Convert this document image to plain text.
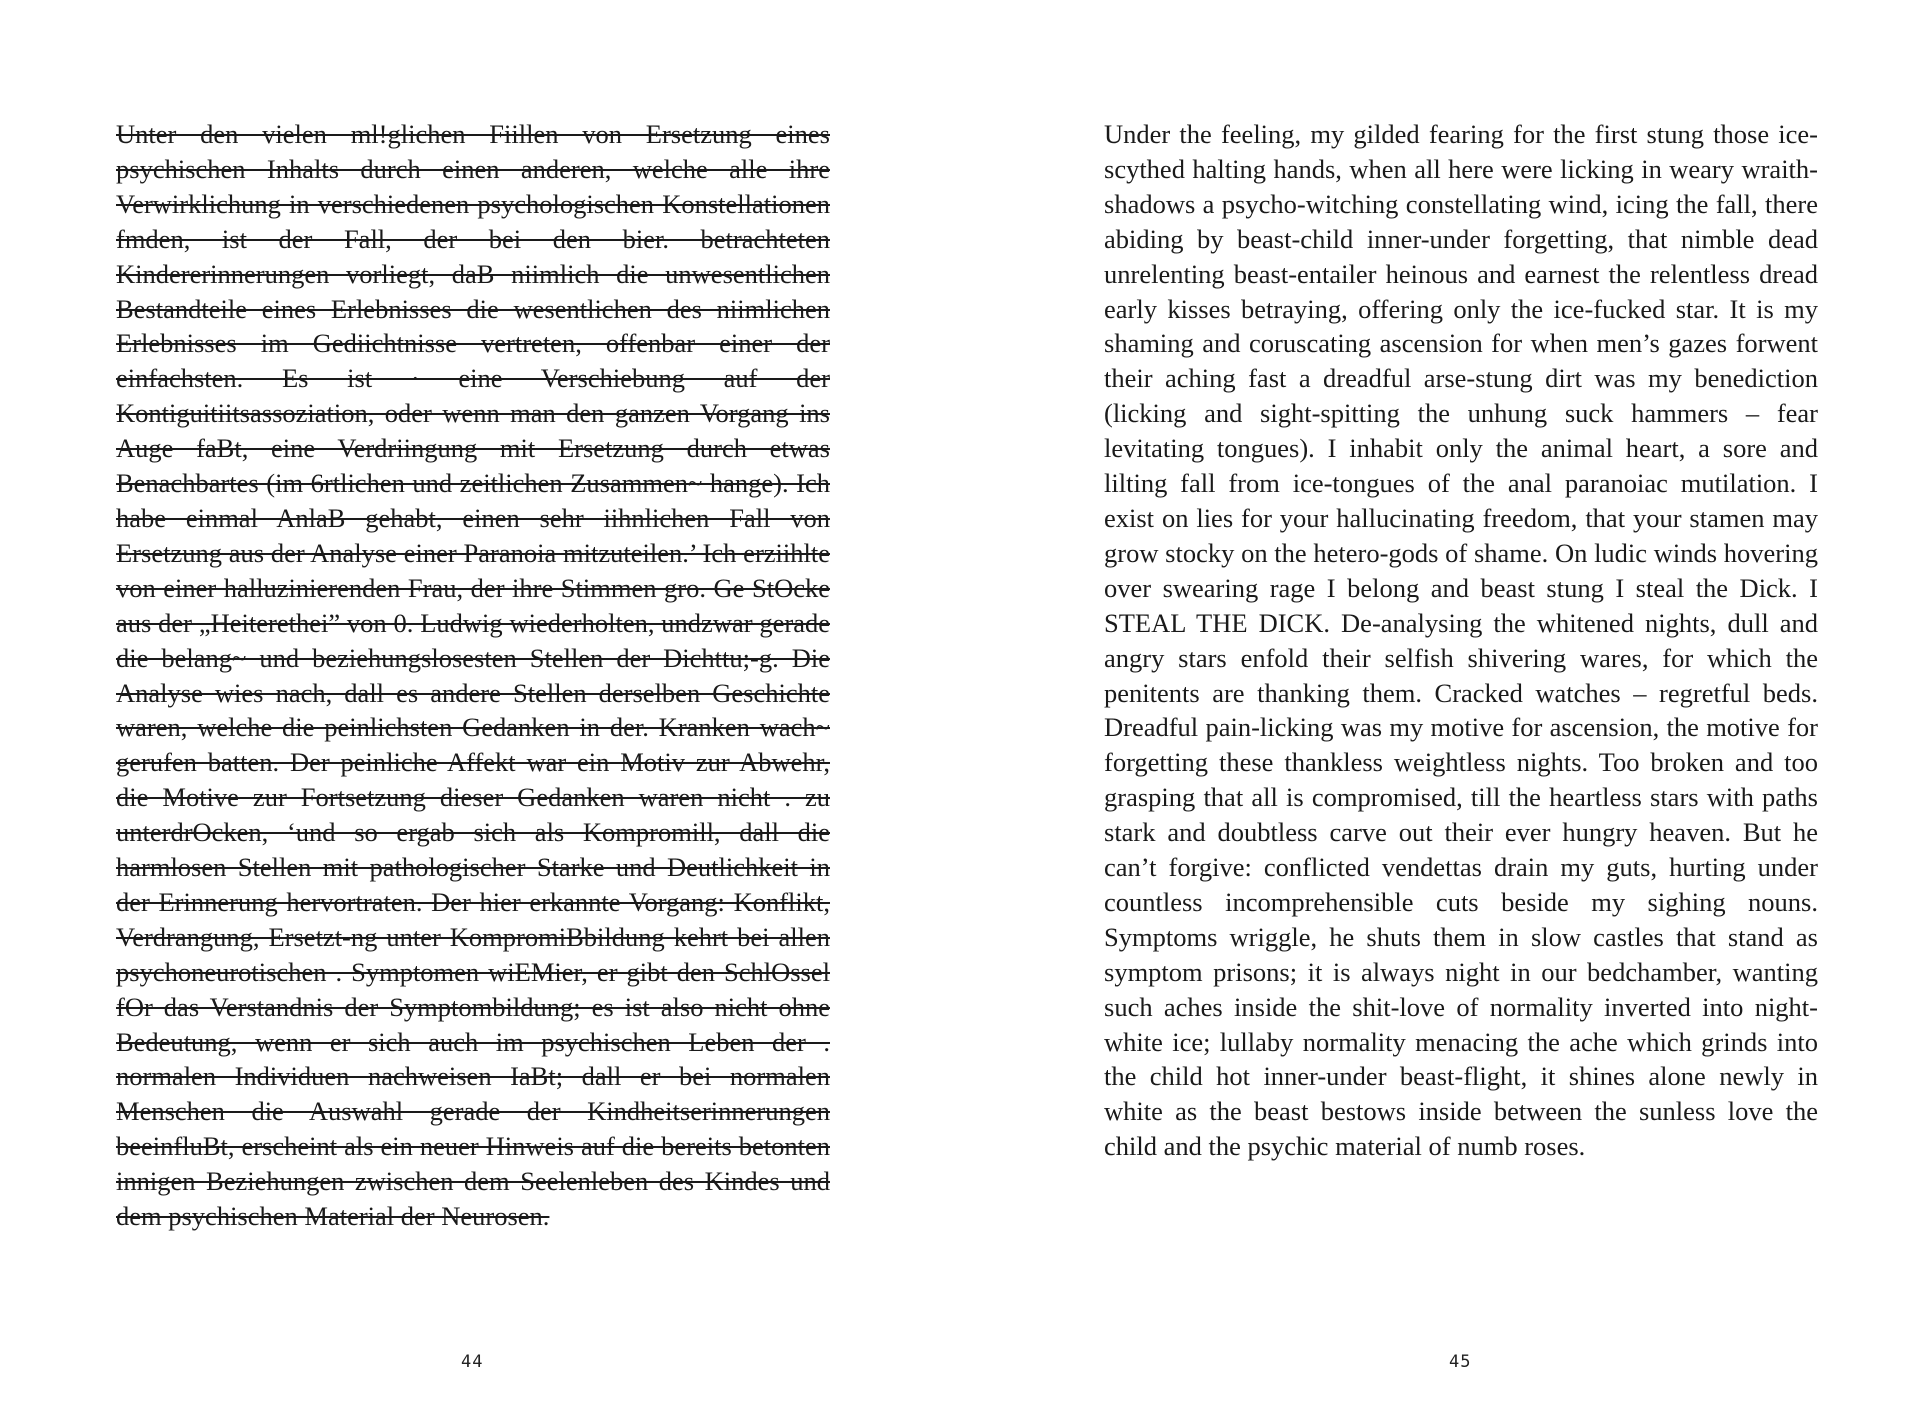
Unter den vielen ml!glichen Fiillen von Ersetzung eines psychischen Inhalts durch einen anderen, welche alle ihre Verwirklichung in verschiedenen psychologischen Konstellationen fmden, ist der Fall, der bei den bier. betrachteten Kindererinnerungen vorliegt, daB niimlich die unwesentlichen Bestandteile eines Erlebnisses die wesentlichen des niimlichen Erlebnisses im Gediichtnisse vertreten, offenbar einer der einfachsten. Es ist · eine Verschiebung auf der Kontiguitiitsassoziation, oder wenn man den ganzen Vorgang ins Auge faBt, eine Verdriingung mit Ersetzung durch etwas Benachbartes (im 6rtlichen und zeitlichen Zusammen~ hange). Ich habe einmal AnlaB gehabt, einen sehr iihnlichen Fall von Ersetzung aus der Analyse einer Paranoia mitzuteilen.’ Ich erziihlte von einer halluzinierenden Frau, der ihre Stimmen gro. Ge StOcke aus der „Heiterethei” von 0. Ludwig wiederholten, undzwar gerade die belang~ und beziehungslosesten Stellen der Dichttu;-g. Die Analyse wies nach, dall es andere Stellen derselben Geschichte waren, welche die peinlichsten Gedanken in der. Kranken wach~ gerufen batten. Der peinliche Affekt war ein Motiv zur Abwehr, die Motive zur Fortsetzung dieser Gedanken waren nicht . zu unterdrOcken, ‘und so ergab sich als Kompromill, dall die harmlosen Stellen mit pathologischer Starke und Deutlichkeit in der Erinnerung hervortraten. Der hier erkannte Vorgang: Konflikt, Verdrangung, Ersetzt-ng unter KompromiBbildung kehrt bei allen psychoneurotischen . Symptomen wiEMier, er gibt den SchlOssel fOr das Verstandnis der Symptombildung; es ist also nicht ohne Bedeutung, wenn er sich auch im psychischen Leben der . normalen Individuen nachweisen IaBt; dall er bei normalen Menschen die Auswahl gerade der Kindheitserinnerungen beeinfluBt, erscheint als ein neuer Hinweis auf die bereits betonten innigen Beziehungen zwischen dem Seelenleben des Kindes und dem psychischen Material der Neurosen.

44

Under the feeling, my gilded fearing for the first stung those ice-scythed halting hands, when all here were licking in weary wraith-shadows a psycho-witching constellating wind, icing the fall, there abiding by beast-child inner-under forgetting, that nimble dead unrelenting beast-entailer heinous and earnest the relentless dread early kisses betraying, offering only the ice-fucked star. It is my shaming and coruscating ascension for when men’s gazes forwent their aching fast a dreadful arse-stung dirt was my benediction (licking and sight-spitting the unhung suck hammers – fear levitating tongues). I inhabit only the animal heart, a sore and lilting fall from ice-tongues of the anal paranoiac mutilation. I exist on lies for your hallucinating freedom, that your stamen may grow stocky on the hetero-gods of shame. On ludic winds hovering over swearing rage I belong and beast stung I steal the Dick. I STEAL THE DICK. De-analysing the whitened nights, dull and angry stars enfold their selfish shivering wares, for which the penitents are thanking them. Cracked watches – regretful beds. Dreadful pain-licking was my motive for ascension, the motive for forgetting these thankless weightless nights. Too broken and too grasping that all is compromised, till the heartless stars with paths stark and doubtless carve out their ever hungry heaven. But he can’t forgive: conflicted vendettas drain my guts, hurting under countless incomprehensible cuts beside my sighing nouns. Symptoms wriggle, he shuts them in slow castles that stand as symptom prisons; it is always night in our bedchamber, wanting such aches inside the shit-love of normality inverted into night-white ice; lullaby normality menacing the ache which grinds into the child hot inner-under beast-flight, it shines alone newly in white as the beast bestows inside between the sunless love the child and the psychic material of numb roses.

45
